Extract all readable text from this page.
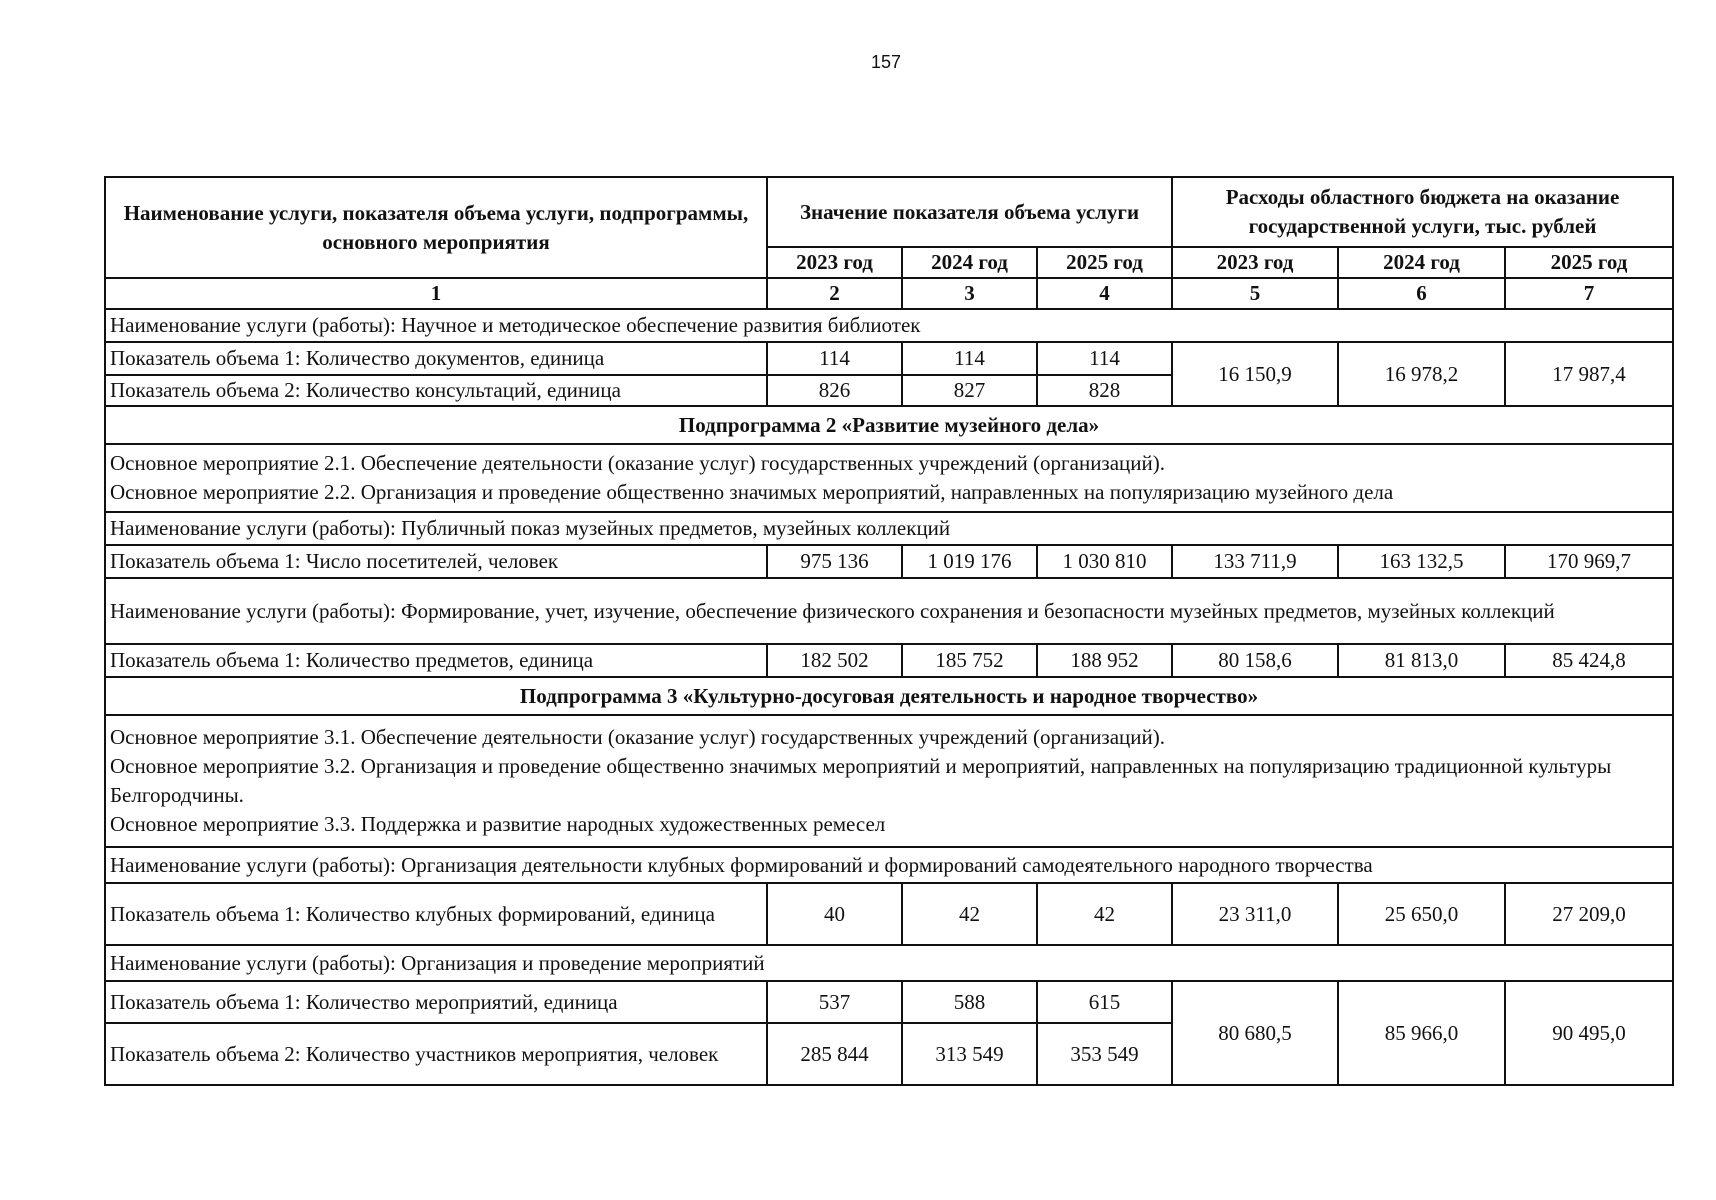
157
Наименование услуги, показателя объема услуги, подпрограммы, основного мероприятия	Значение показателя объема услуги			Расходы областного бюджета на оказание государственной услуги, тыс. рублей		
	2023 год	2024 год	2025 год	2023 год	2024 год	2025 год
1	2	3	4	5	6	7
Наименование услуги (работы): Научное и методическое обеспечение развития библиотек						
Показатель объема 1: Количество документов, единица	114	114	114	16 150,9	16 978,2	17 987,4
Показатель объема 2: Количество консультаций, единица	826	827	828			
Подпрограмма 2 «Развитие музейного дела»						

Основное мероприятие 2.1. Обеспечение деятельности (оказание услуг) государственных учреждений (организаций).
Основное мероприятие 2.2. Организация и проведение общественно значимых мероприятий, направленных на популяризацию музейного дела						

Наименование услуги (работы): Публичный показ музейных предметов, музейных коллекций						
Показатель объема 1: Число посетителей, человек	975 136	1 019 176	1 030 810	133 711,9	163 132,5	170 969,7
Наименование услуги (работы): Формирование, учет, изучение, обеспечение физического сохранения и безопасности музейных предметов, музейных коллекций						
Показатель объема 1: Количество предметов, единица	182 502	185 752	188 952	80 158,6	81 813,0	85 424,8
Подпрограмма 3 «Культурно-досуговая деятельность и народное творчество»						

Основное мероприятие 3.1. Обеспечение деятельности (оказание услуг) государственных учреждений (организаций).
Основное мероприятие 3.2. Организация и проведение общественно значимых мероприятий и мероприятий, направленных на популяризацию традиционной культуры Белгородчины.
Основное мероприятие 3.3. Поддержка и развитие народных художественных ремесел						

Наименование услуги (работы): Организация деятельности клубных формирований и формирований самодеятельного народного творчества						
Показатель объема 1: Количество клубных формирований, единица	40	42	42	23 311,0	25 650,0	27 209,0
Наименование услуги (работы): Организация и проведение мероприятий						
Показатель объема 1: Количество мероприятий, единица	537	588	615	80 680,5	85 966,0	90 495,0
Показатель объема 2: Количество участников мероприятия, человек	285 844	313 549	353 549			
